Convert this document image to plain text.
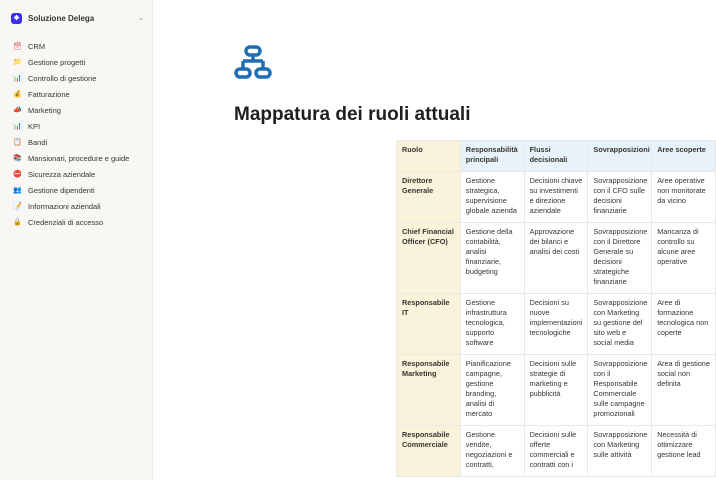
❖ Soluzione Delega	⌄
🗃 CRM
📁 Gestione progetti
📊 Controllo di gestione
💰 Fatturazione
📣 Marketing
📊 KPI
📋 Bandi
📚 Mansionari, procedure e guide
⛔ Sicurezza aziendale
👥 Gestione dipendenti
📝 Informazioni aziendali
🔒 Credenziali di accesso
Mappatura dei ruoli attuali
Ruolo	Responsabilità principali	Flussi decisionali	Sovrapposizioni	Aree scoperte
Direttore Generale	Gestione strategica, supervisione globale azienda	Decisioni chiave su investimenti e direzione aziendale	Sovrapposizione con il CFO sulle decisioni finanziarie	Aree operative non monitorate da vicino
Chief Financial Officer (CFO)	Gestione della contabilità, analisi finanziarie, budgeting	Approvazione dei bilanci e analisi dei costi	Sovrapposizione con il Direttore Generale su decisioni strategiche finanziarie	Mancanza di controllo su alcune aree operative
Responsabile IT	Gestione infrastruttura tecnologica, supporto software	Decisioni su nuove implementazioni tecnologiche	Sovrapposizione con Marketing su gestione del sito web e social media	Aree di formazione tecnologica non coperte
Responsabile Marketing	Pianificazione campagne, gestione branding, analisi di mercato	Decisioni sulle strategie di marketing e pubblicità	Sovrapposizione con il Responsabile Commerciale sulle campagne promozionali	Area di gestione social non definita
Responsabile Commerciale	Gestione vendite, negoziazioni e contratti,	Decisioni sulle offerte commerciali e contratti con i	Sovrapposizione con Marketing sulle attività	Necessità di ottimizzare gestione lead
